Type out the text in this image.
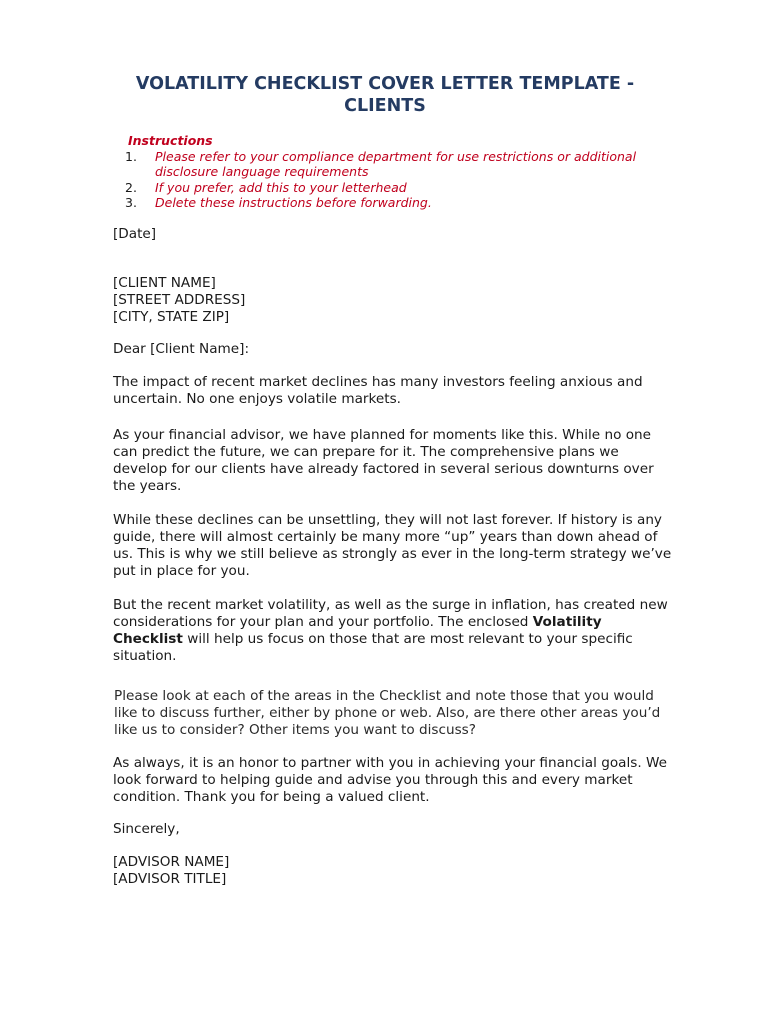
VOLATILITY CHECKLIST COVER LETTER TEMPLATE - CLIENTS
Instructions
1. Please refer to your compliance department for use restrictions or additional disclosure language requirements
2. If you prefer, add this to your letterhead
3. Delete these instructions before forwarding.
[Date]

[CLIENT NAME]

[STREET ADDRESS]

[CITY, STATE ZIP]

Dear [Client Name]:
The impact of recent market declines has many investors feeling anxious and uncertain. No one enjoys volatile markets.
As your financial advisor, we have planned for moments like this. While no one can predict the future, we can prepare for it. The comprehensive plans we develop for our clients have already factored in several serious downturns over the years.
While these declines can be unsettling, they will not last forever. If history is any guide, there will almost certainly be many more “up” years than down ahead of us. This is why we still believe as strongly as ever in the long-term strategy we’ve put in place for you.
But the recent market volatility, as well as the surge in inflation, has created new considerations for your plan and your portfolio. The enclosed Volatility Checklist will help us focus on those that are most relevant to your specific situation.
Please look at each of the areas in the Checklist and note those that you would like to discuss further, either by phone or web. Also, are there other areas you’d like us to consider? Other items you want to discuss?
As always, it is an honor to partner with you in achieving your financial goals. We look forward to helping guide and advise you through this and every market condition. Thank you for being a valued client.
Sincerely,

[ADVISOR NAME]

[ADVISOR TITLE]
